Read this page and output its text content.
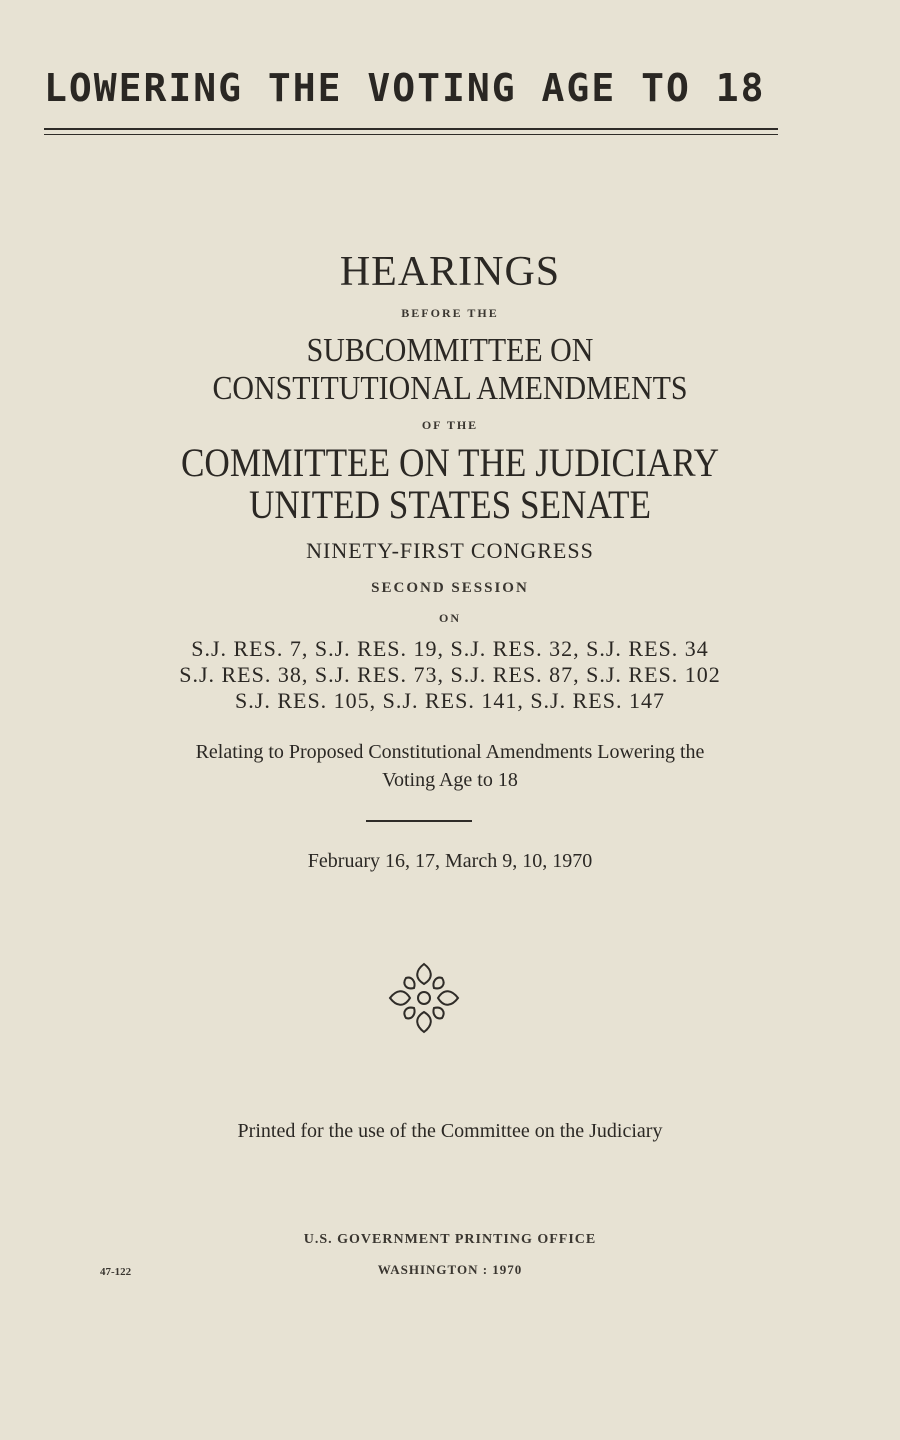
LOWERING THE VOTING AGE TO 18
HEARINGS
BEFORE THE
SUBCOMMITTEE ON
CONSTITUTIONAL AMENDMENTS
OF THE
COMMITTEE ON THE JUDICIARY
UNITED STATES SENATE
NINETY-FIRST CONGRESS
SECOND SESSION
ON
S.J. RES. 7, S.J. RES. 19, S.J. RES. 32, S.J. RES. 34
S.J. RES. 38, S.J. RES. 73, S.J. RES. 87, S.J. RES. 102
S.J. RES. 105, S.J. RES. 141, S.J. RES. 147
Relating to Proposed Constitutional Amendments Lowering the
Voting Age to 18
February 16, 17, March 9, 10, 1970
Printed for the use of the Committee on the Judiciary
U.S. GOVERNMENT PRINTING OFFICE
WASHINGTON : 1970
47-122
